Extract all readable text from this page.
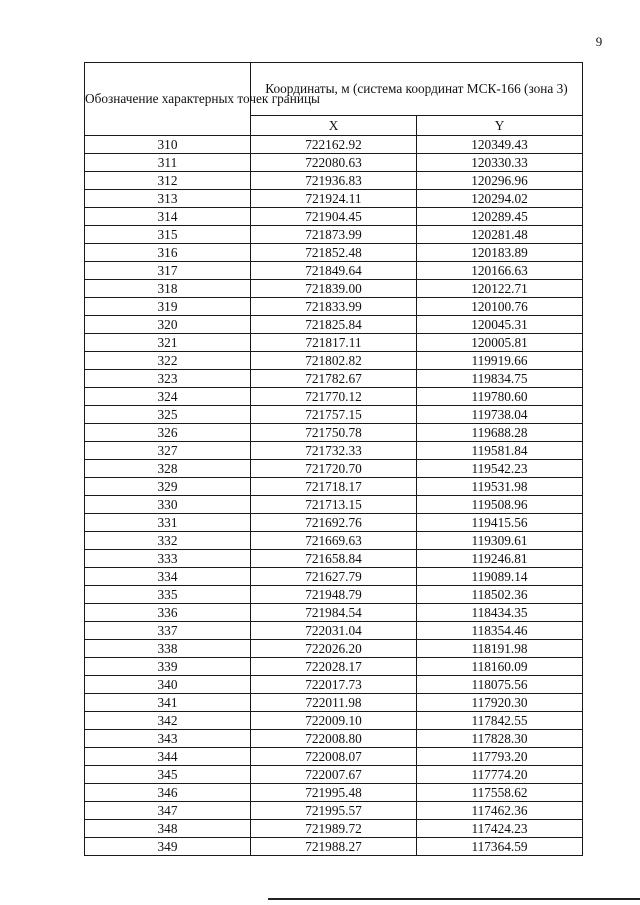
9
Обозначение характерных точек границы	Координаты, м (система координат МСК-166 (зона 3)	
	X	Y
310	722162.92	120349.43
311	722080.63	120330.33
312	721936.83	120296.96
313	721924.11	120294.02
314	721904.45	120289.45
315	721873.99	120281.48
316	721852.48	120183.89
317	721849.64	120166.63
318	721839.00	120122.71
319	721833.99	120100.76
320	721825.84	120045.31
321	721817.11	120005.81
322	721802.82	119919.66
323	721782.67	119834.75
324	721770.12	119780.60
325	721757.15	119738.04
326	721750.78	119688.28
327	721732.33	119581.84
328	721720.70	119542.23
329	721718.17	119531.98
330	721713.15	119508.96
331	721692.76	119415.56
332	721669.63	119309.61
333	721658.84	119246.81
334	721627.79	119089.14
335	721948.79	118502.36
336	721984.54	118434.35
337	722031.04	118354.46
338	722026.20	118191.98
339	722028.17	118160.09
340	722017.73	118075.56
341	722011.98	117920.30
342	722009.10	117842.55
343	722008.80	117828.30
344	722008.07	117793.20
345	722007.67	117774.20
346	721995.48	117558.62
347	721995.57	117462.36
348	721989.72	117424.23
349	721988.27	117364.59
